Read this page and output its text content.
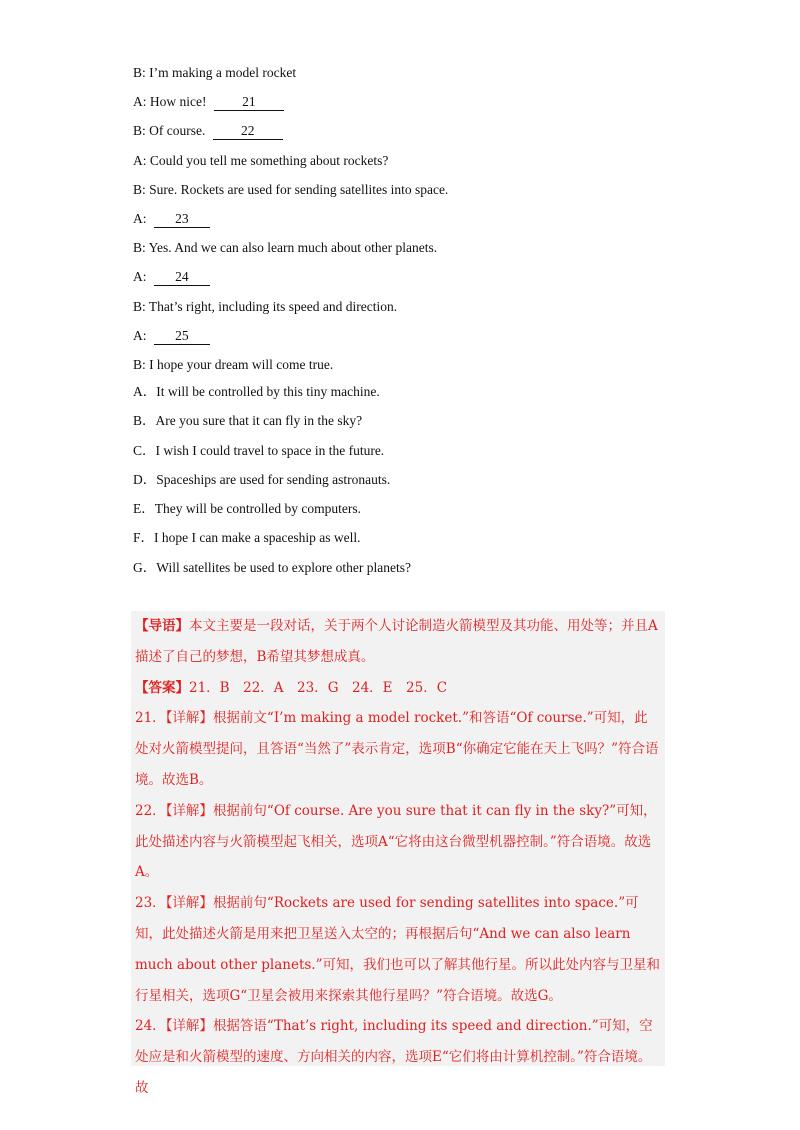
B: I’m making a model rocket
A: How nice!	21
B: Of course.	22
A: Could you tell me something about rockets?
B: Sure. Rockets are used for sending satellites into space.
A: 23
B: Yes. And we can also learn much about other planets.
A: 24
B: That’s right, including its speed and direction.
A: 25
B: I hope your dream will come true.
A．It will be controlled by this tiny machine.
B．Are you sure that it can fly in the sky?
C．I wish I could travel to space in the future.
D．Spaceships are used for sending astronauts.
E．They will be controlled by computers.
F．I hope I can make a spaceship as well.
G．Will satellites be used to explore other planets?

【导语】本文主要是一段对话，关于两个人讨论制造火箭模型及其功能、用处等；并且A描述了自己的梦想，B希望其梦想成真。

【答案】21．B　22．A　23．G　24．E　25．C

21．【详解】根据前文“I’m making a model rocket.”和答语“Of course.”可知，此处对火箭模型提问，且答语“当然了”表示肯定，选项B“你确定它能在天上飞吗？”符合语境。故选B。

22．【详解】根据前句“Of course. Are you sure that it can fly in the sky?”可知，此处描述内容与火箭模型起飞相关，选项A“它将由这台微型机器控制。”符合语境。故选A。

23．【详解】根据前句“Rockets are used for sending satellites into space.”可知，此处描述火箭是用来把卫星送入太空的；再根据后句“And we can also learn much about other planets.”可知，我们也可以了解其他行星。所以此处内容与卫星和行星相关，选项G“卫星会被用来探索其他行星吗？”符合语境。故选G。

24．【详解】根据答语“That’s right, including its speed and direction.”可知，空处应是和火箭模型的速度、方向相关的内容，选项E“它们将由计算机控制。”符合语境。故
